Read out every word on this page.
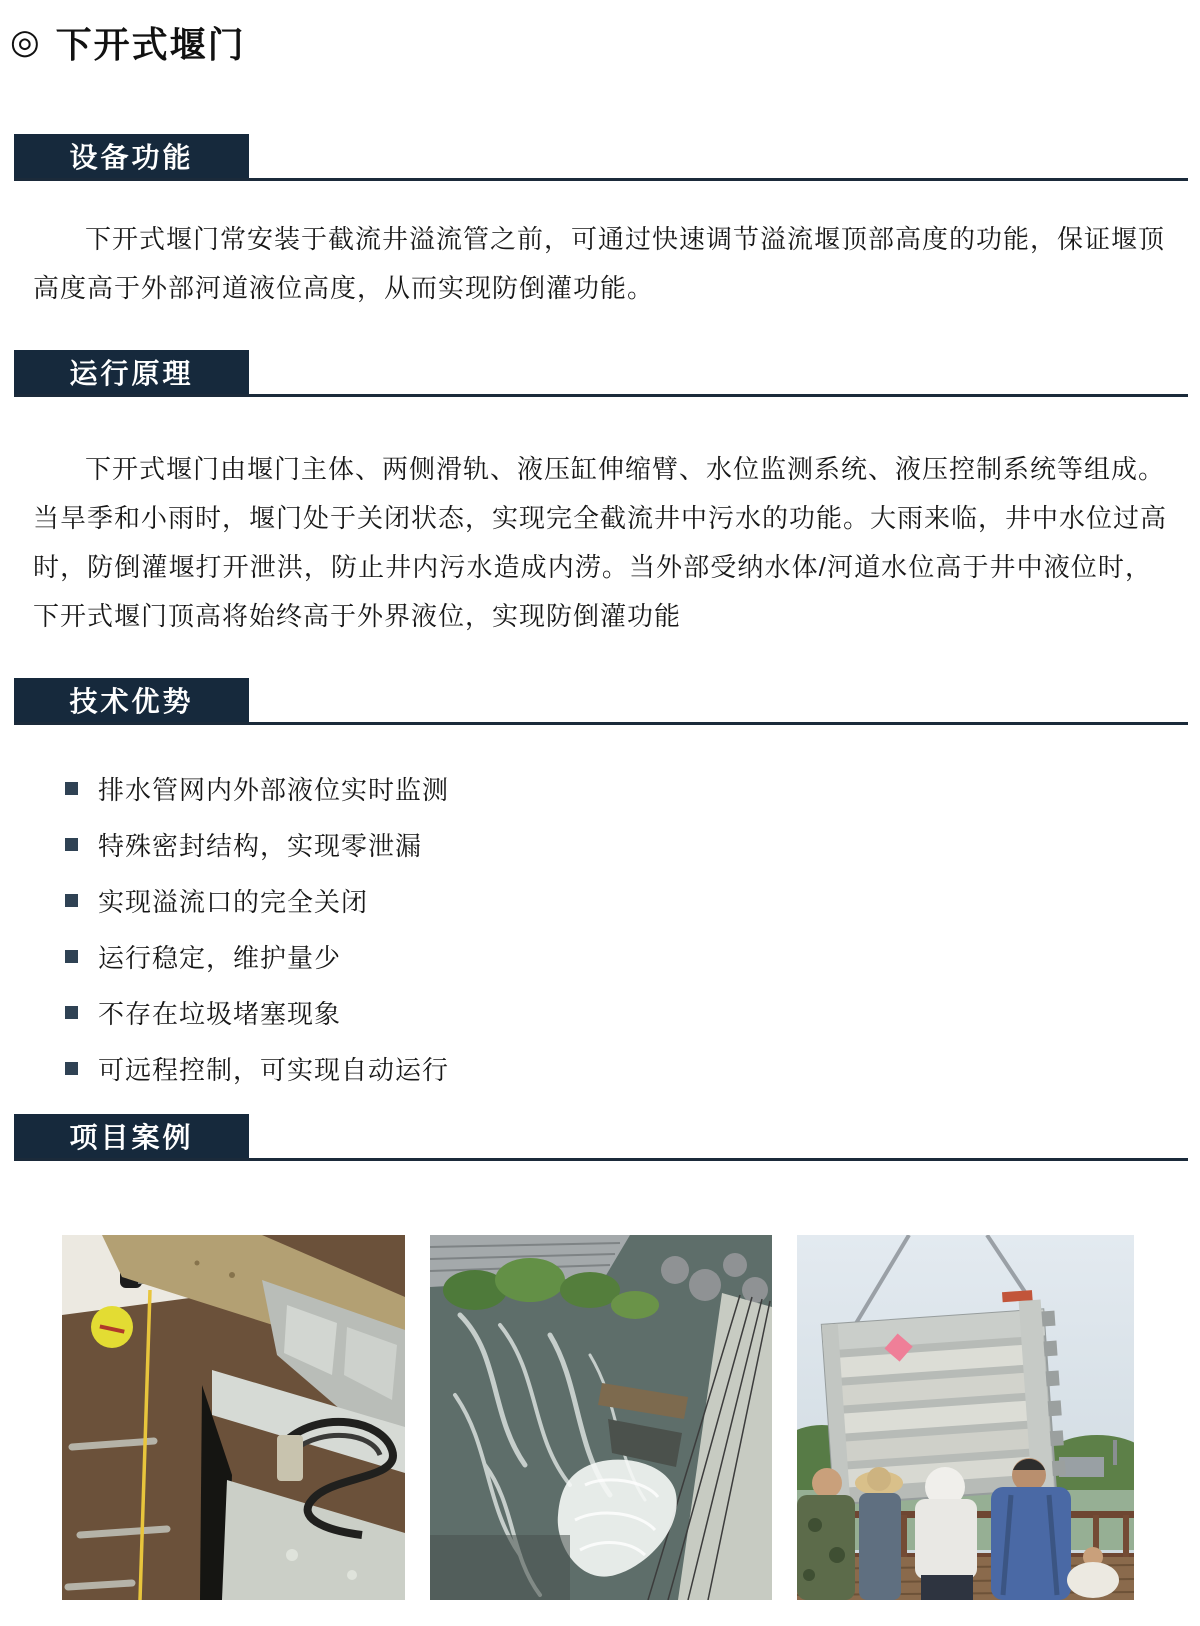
◎ 下开式堰门
设备功能
下开式堰门常安装于截流井溢流管之前，可通过快速调节溢流堰顶部高度的功能，保证堰顶
高度高于外部河道液位高度，从而实现防倒灌功能。
运行原理
下开式堰门由堰门主体、两侧滑轨、液压缸伸缩臂、水位监测系统、液压控制系统等组成。
当旱季和小雨时，堰门处于关闭状态，实现完全截流井中污水的功能。大雨来临，井中水位过高
时，防倒灌堰打开泄洪，防止井内污水造成内涝。当外部受纳水体/河道水位高于井中液位时，
下开式堰门顶高将始终高于外界液位，实现防倒灌功能
技术优势
排水管网内外部液位实时监测
特殊密封结构，实现零泄漏
实现溢流口的完全关闭
运行稳定，维护量少
不存在垃圾堵塞现象
可远程控制，可实现自动运行
项目案例
